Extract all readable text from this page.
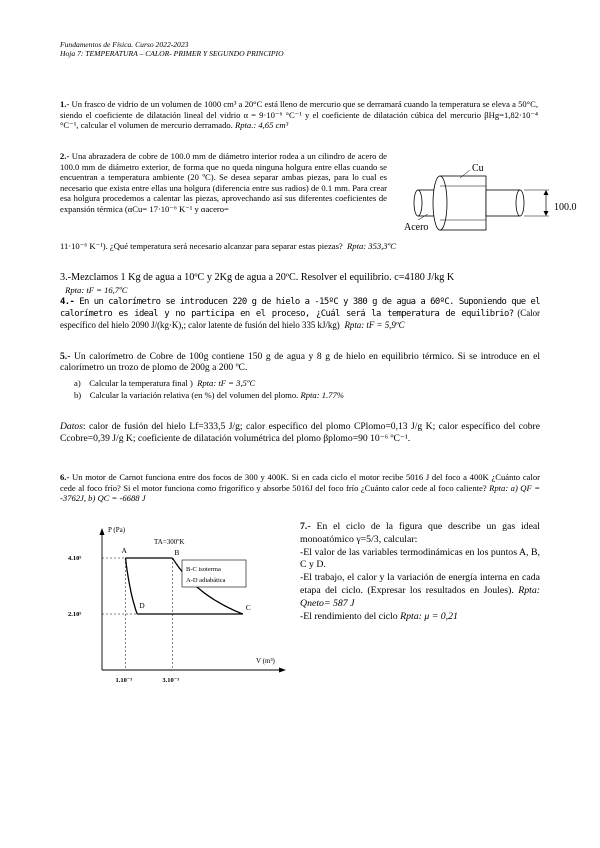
Fundamentos de Física. Curso 2022-2023
Hoja 7: TEMPERATURA – CALOR- PRIMER Y SEGUNDO PRINCIPIO
1.- Un frasco de vidrio de un volumen de 1000 cm³ a 20°C está lleno de mercurio que se derramará cuando la temperatura se eleva a 50°C, siendo el coeficiente de dilatación lineal del vidrio α = 9·10⁻⁶ °C⁻¹ y el coeficiente de dilatación cúbica del mercurio βHg=1,82·10⁻⁴ °C⁻¹, calcular el volumen de mercurio derramado. Rpta.: 4,65 cm³
2.- Una abrazadera de cobre de 100.0 mm de diámetro interior rodea a un cilindro de acero de 100.0 mm de diámetro exterior, de forma que no queda ninguna holgura entre ellas cuando se encuentran a temperatura ambiente (20 ºC). Se desea separar ambas piezas, para lo cual es necesario que exista entre ellas una holgura (diferencia entre sus radios) de 0.1 mm. Para crear esa holgura procedemos a calentar las piezas, aprovechando así sus diferentes coeficientes de expansión térmica (αCu= 17·10⁻⁶ K⁻¹ y αacero=
11·10⁻⁶ K⁻¹). ¿Qué temperatura será necesario alcanzar para separar estas piezas? Rpta: 353,3ºC
100.0
Cu
Acero
3.-Mezclamos 1 Kg de agua a 10ºC y 2Kg de agua a 20ºC. Resolver el equilibrio. c=4180 J/kg K
Rpta: tF = 16,7ºC
4.- En un calorímetro se introducen 220 g de hielo a -15ºC y 380 g de agua a 60ºC. Suponiendo que el calorímetro es ideal y no participa en el proceso, ¿Cuál será la temperatura de equilibrio? (Calor específico del hielo 2090 J/(kg·K),; calor latente de fusión del hielo 335 kJ/kg) Rpta: tF = 5,9ºC
5.- Un calorímetro de Cobre de 100g contiene 150 g de agua y 8 g de hielo en equilibrio térmico. Si se introduce en el calorímetro un trozo de plomo de 200g a 200 ºC.
a)    Calcular la temperatura final ) Rpta: tF = 3,5ºC
b)    Calcular la variación relativa (en %) del volumen del plomo. Rpta: 1.77%
Datos: calor de fusión del hielo Lf=333,5 J/g; calor específico del plomo CPlomo=0,13 J/g K; calor específico del cobre Ccobre=0,39 J/g K; coeficiente de dilatación volumétrica del plomo βplomo=90 10⁻⁶ ºC⁻¹.
6.- Un motor de Carnot funciona entre dos focos de 300 y 400K. Si en cada ciclo el motor recibe 5016 J del foco a 400K ¿Cuánto calor cede al foco frío? Si el motor funciona como frigorífico y absorbe 5016J del foco frío ¿Cuánto calor cede al foco caliente? Rpta: a) QF = -3762J, b) QC = -6688 J
P (Pa)
V (m³)
4.10⁵
2.10⁵
1.10⁻³	3.10⁻³
A	B
C
D
TA=300ºK
B-C isoterma
A-D adiabática
7.- En el ciclo de la figura que describe un gas ideal monoatómico γ=5/3, calcular:
-El valor de las variables termodinámicas en los puntos A, B, C y D.
-El trabajo, el calor y la variación de energía interna en cada etapa del ciclo. (Expresar los resultados en Joules). Rpta: Qneto= 587 J
-El rendimiento del ciclo Rpta: μ = 0,21
